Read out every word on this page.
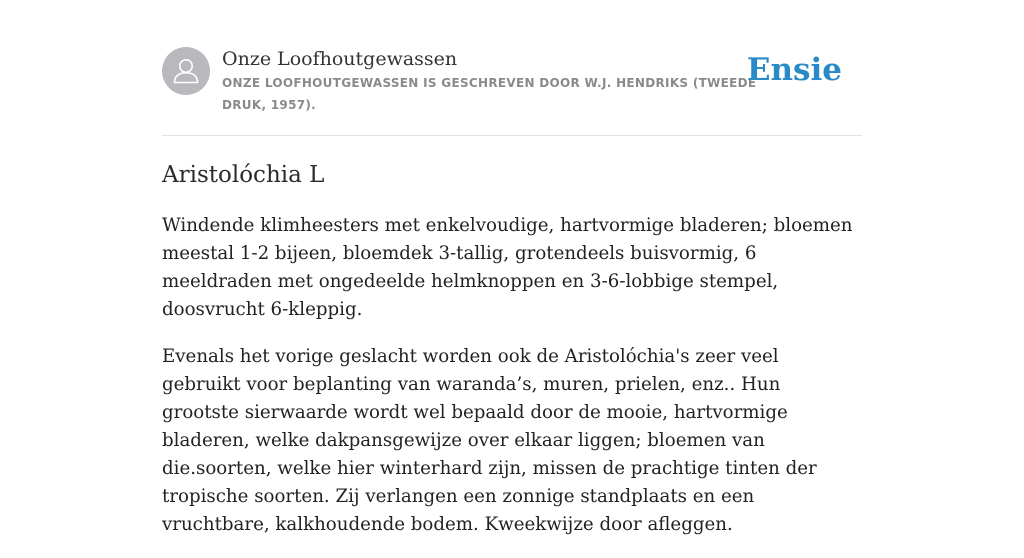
Onze Loofhoutgewassen
ONZE LOOFHOUTGEWASSEN IS GESCHREVEN DOOR W.J. HENDRIKS (TWEEDE DRUK, 1957).
Ensie
Aristolóchia L

Windende klimheesters met enkelvoudige, hartvormige bladeren; bloemen meestal 1-2 bijeen, bloemdek 3-tallig, grotendeels buisvormig, 6 meeldraden met ongedeelde helmknoppen en 3-6-lobbige stempel, doosvrucht 6-kleppig.

Evenals het vorige geslacht worden ook de Aristolóchia's zeer veel gebruikt voor beplanting van waranda’s, muren, prielen, enz.. Hun grootste sierwaarde wordt wel bepaald door de mooie, hartvormige bladeren, welke dakpansgewijze over elkaar liggen; bloemen van die.soorten, welke hier winterhard zijn, missen de prachtige tinten der tropische soorten. Zij verlangen een zonnige standplaats en een vruchtbare, kalkhoudende bodem. Kweekwijze door afleggen.
